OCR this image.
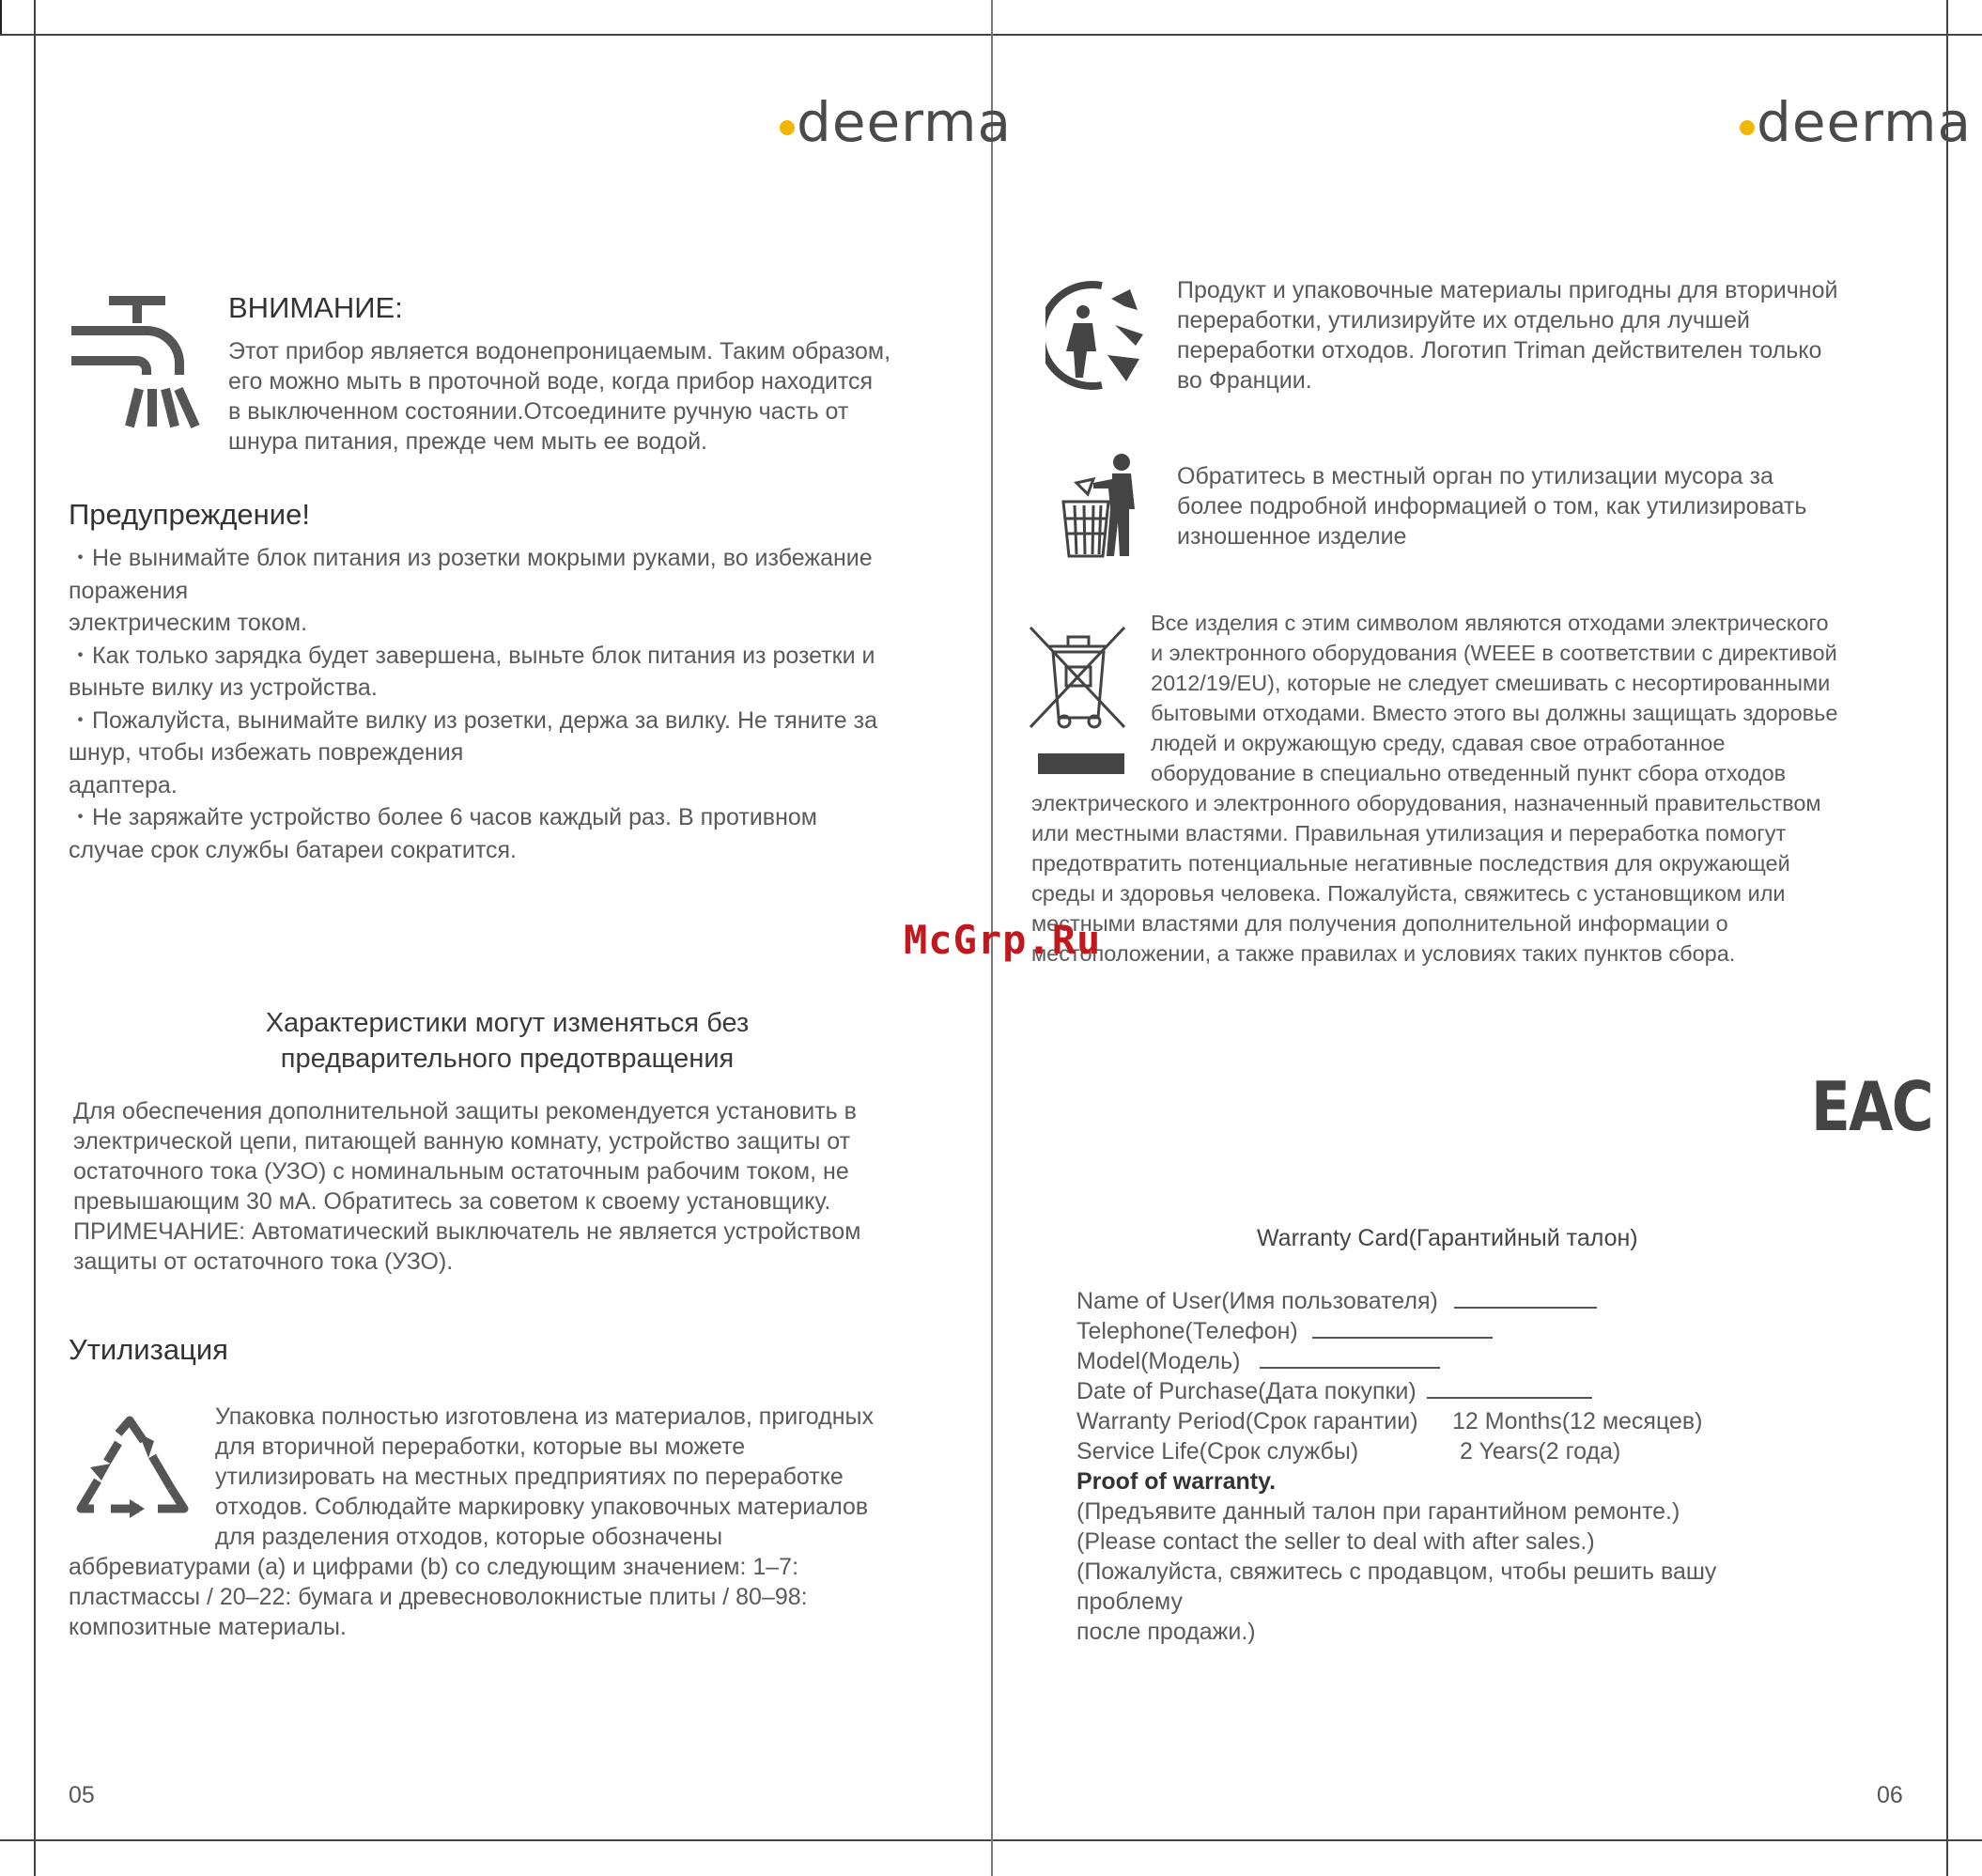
deerma
ВНИМАНИЕ:
Этот прибор является водонепроницаемым. Таким образом,
его можно мыть в проточной воде, когда прибор находится
в выключенном состоянии.Отсоедините ручную часть от
шнура питания, прежде чем мыть ее водой.
Предупреждение!
・Не вынимайте блок питания из розетки мокрыми руками, во избежание
поражения
электрическим током.
・Как только зарядка будет завершена, выньте блок питания из розетки и
выньте вилку из устройства.
・Пожалуйста, вынимайте вилку из розетки, держа за вилку. Не тяните за
шнур, чтобы избежать повреждения
адаптера.
・Не заряжайте устройство более 6 часов каждый раз. В противном
случае срок службы батареи сократится.
Характеристики могут изменяться без
предварительного предотвращения
Для обеспечения дополнительной защиты рекомендуется установить в
электрической цепи, питающей ванную комнату, устройство защиты от
остаточного тока (УЗО) с номинальным остаточным рабочим током, не
превышающим 30 мА. Обратитесь за советом к своему установщику.
ПРИМЕЧАНИЕ: Автоматический выключатель не является устройством
защиты от остаточного тока (УЗО).
Утилизация
Упаковка полностью изготовлена из материалов, пригодных
для вторичной переработки, которые вы можете
утилизировать на местных предприятиях по переработке
отходов. Соблюдайте маркировку упаковочных материалов
для разделения отходов, которые обозначены
аббревиатурами (a) и цифрами (b) со следующим значением: 1–7:
пластмассы / 20–22: бумага и древесноволокнистые плиты / 80–98:
композитные материалы.
05
deerma
Продукт и упаковочные материалы пригодны для вторичной
переработки, утилизируйте их отдельно для лучшей
переработки отходов. Логотип Triman действителен только
во Франции.
Обратитесь в местный орган по утилизации мусора за
более подробной информацией о том, как утилизировать
изношенное изделие
Все изделия с этим символом являются отходами электрического
и электронного оборудования (WEEE в соответствии с директивой
2012/19/EU), которые не следует смешивать с несортированными
бытовыми отходами. Вместо этого вы должны защищать здоровье
людей и окружающую среду, сдавая свое отработанное
оборудование в специально отведенный пункт сбора отходов
электрического и электронного оборудования, назначенный правительством
или местными властями. Правильная утилизация и переработка помогут
предотвратить потенциальные негативные последствия для окружающей
среды и здоровья человека. Пожалуйста, свяжитесь с установщиком или
местными властями для получения дополнительной информации о
местоположении, а также правилах и условиях таких пунктов сбора.
McGrp.Ru
EAC
Warranty Card(Гарантийный талон)
Name of User(Имя пользователя)
Telephone(Телефон)
Model(Модель)
Date of Purchase(Дата покупки)
Warranty Period(Срок гарантии) 12 Months(12 месяцев)
Service Life(Срок службы)	2 Years(2 года)
Proof of warranty.
(Предъявите данный талон при гарантийном ремонте.)
(Please contact the seller to deal with after sales.)
(Пожалуйста, свяжитесь с продавцом, чтобы решить вашу проблему
после продажи.)
06
